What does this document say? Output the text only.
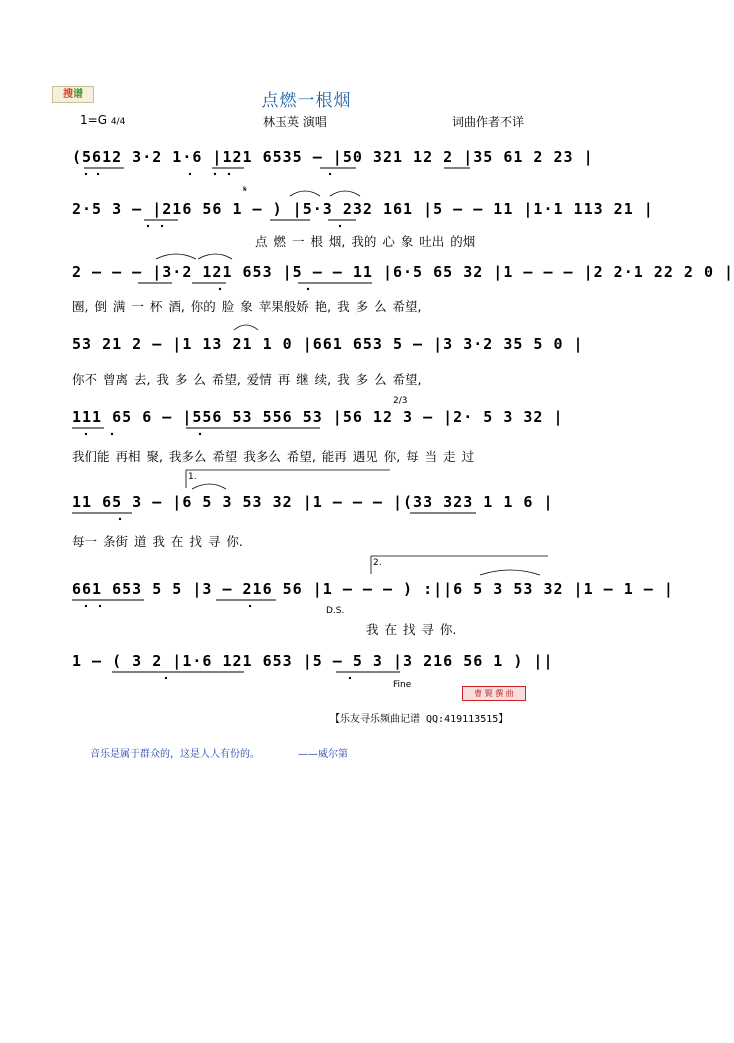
搜谱	点燃一根烟
1=G 4/4	林玉英 演唱	词曲作者不详
(5612 3·2 1·6 |121 6535 – |50 321 12 2 |35 61 2 23 |
2·5 3 – |216 56 1 – ) |5·3 232 161 |5 – – 11 |1·1 113 21 |
𝄋
点 燃 一 根 烟, 我的 心 象 吐出 的烟
2 – – – |3·2 121 653 |5 – – 11 |6·5 65 32 |1 – – – |2 2·1 22 2 0 |
圈, 倒 满 一 杯 酒, 你的 脸 象 苹果般娇 艳, 我 多 么 希望,
53 21 2 – |1 13 21 1 0 |661 653 5 – |3 3·2 35 5 0 |
你不 曾离 去, 我 多 么 希望, 爱情 再 继 续, 我 多 么 希望,
111 65 6 – |556 53 556 53 |56 12 3 – |2· 5 3 32 |
2/3
我们能 再相 聚, 我多么 希望 我多么 希望, 能再 遇见 你, 每 当 走 过
1.
11 65 3 – |6 5 3 53 32 |1 – – – |(33 323 1 1 6 |
每一 条街 道 我 在 找 寻 你.
2.
661 653 5 5 |3 – 216 56 |1 – – – ) :||6 5 3 53 32 |1 – 1 – |
D.S.
我 在 找 寻 你.
1 – ( 3 2 |1·6 121 653 |5 – 5 3 |3 216 56 1 ) ||
Fine
曹 賢 撰 曲
【乐友寻乐频曲记谱 QQ:419113515】
音乐是属于群众的，这是人人有份的。	——威尔第
